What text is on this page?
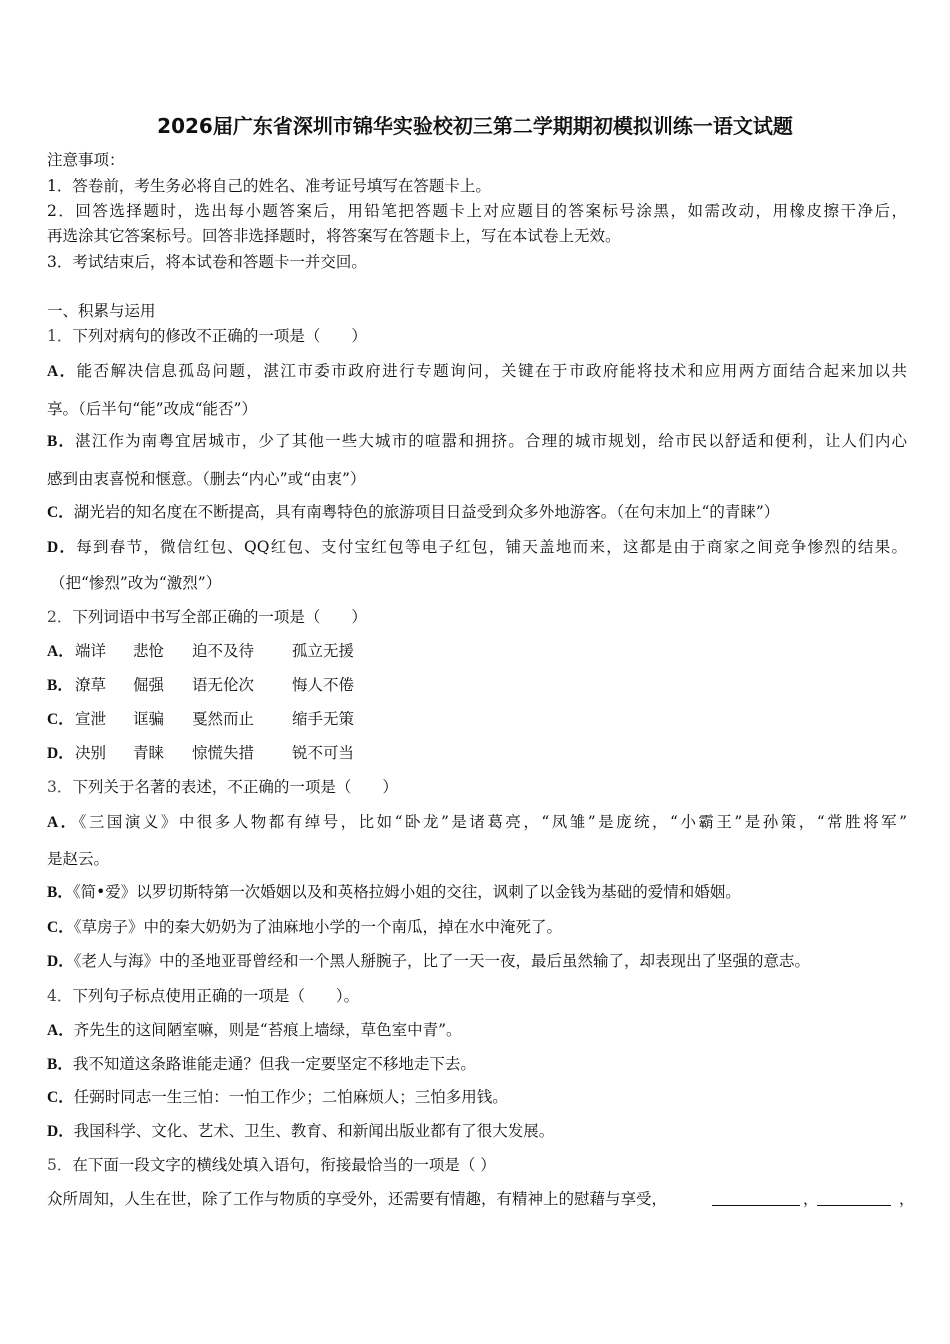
2026届广东省深圳市锦华实验校初三第二学期期初模拟训练一语文试题
注意事项：
1．答卷前，考生务必将自己的姓名、准考证号填写在答题卡上。
2．回答选择题时，选出每小题答案后，用铅笔把答题卡上对应题目的答案标号涂黑，如需改动，用橡皮擦干净后，
再选涂其它答案标号。回答非选择题时，将答案写在答题卡上，写在本试卷上无效。
3．考试结束后，将本试卷和答题卡一并交回。
一、积累与运用
1．下列对病句的修改不正确的一项是（　　）
A．能否解决信息孤岛问题，湛江市委市政府进行专题询问，关键在于市政府能将技术和应用两方面结合起来加以共
享。（后半句“能”改成“能否”）
B．湛江作为南粤宜居城市，少了其他一些大城市的喧嚣和拥挤。合理的城市规划，给市民以舒适和便利，让人们内心
感到由衷喜悦和惬意。（删去“内心”或“由衷”）
C．湖光岩的知名度在不断提高，具有南粤特色的旅游项目日益受到众多外地游客。（在句末加上“的青睐”）
D．每到春节，微信红包、QQ红包、支付宝红包等电子红包，铺天盖地而来，这都是由于商家之间竞争惨烈的结果。
（把“惨烈”改为“激烈”）
2．下列词语中书写全部正确的一项是（　　）
A． 端详 悲怆 迫不及待 孤立无援
B． 潦草 倔强 语无伦次 悔人不倦
C． 宣泄 诓骗 戛然而止 缩手无策
D． 决别 青睐 惊慌失措 锐不可当
3．下列关于名著的表述，不正确的一项是（　　）
A．《三国演义》中很多人物都有绰号，比如“卧龙”是诸葛亮，“凤雏”是庞统，“小霸王”是孙策，“常胜将军”
是赵云。
B．《简•爱》以罗切斯特第一次婚姻以及和英格拉姆小姐的交往，讽刺了以金钱为基础的爱情和婚姻。
C．《草房子》中的秦大奶奶为了油麻地小学的一个南瓜，掉在水中淹死了。
D．《老人与海》中的圣地亚哥曾经和一个黑人掰腕子，比了一天一夜，最后虽然输了，却表现出了坚强的意志。
4．下列句子标点使用正确的一项是（　　）。
A．齐先生的这间陋室嘛，则是“苔痕上墙绿，草色室中青”。
B．我不知道这条路谁能走通？但我一定要坚定不移地走下去。
C．任弼时同志一生三怕：一怕工作少；二怕麻烦人；三怕多用钱。
D．我国科学、文化、艺术、卫生、教育、和新闻出版业都有了很大发展。
5．在下面一段文字的横线处填入语句，衔接最恰当的一项是（ ）
众所周知，人生在世，除了工作与物质的享受外，还需要有情趣，有精神上的慰藉与享受，	，	，
